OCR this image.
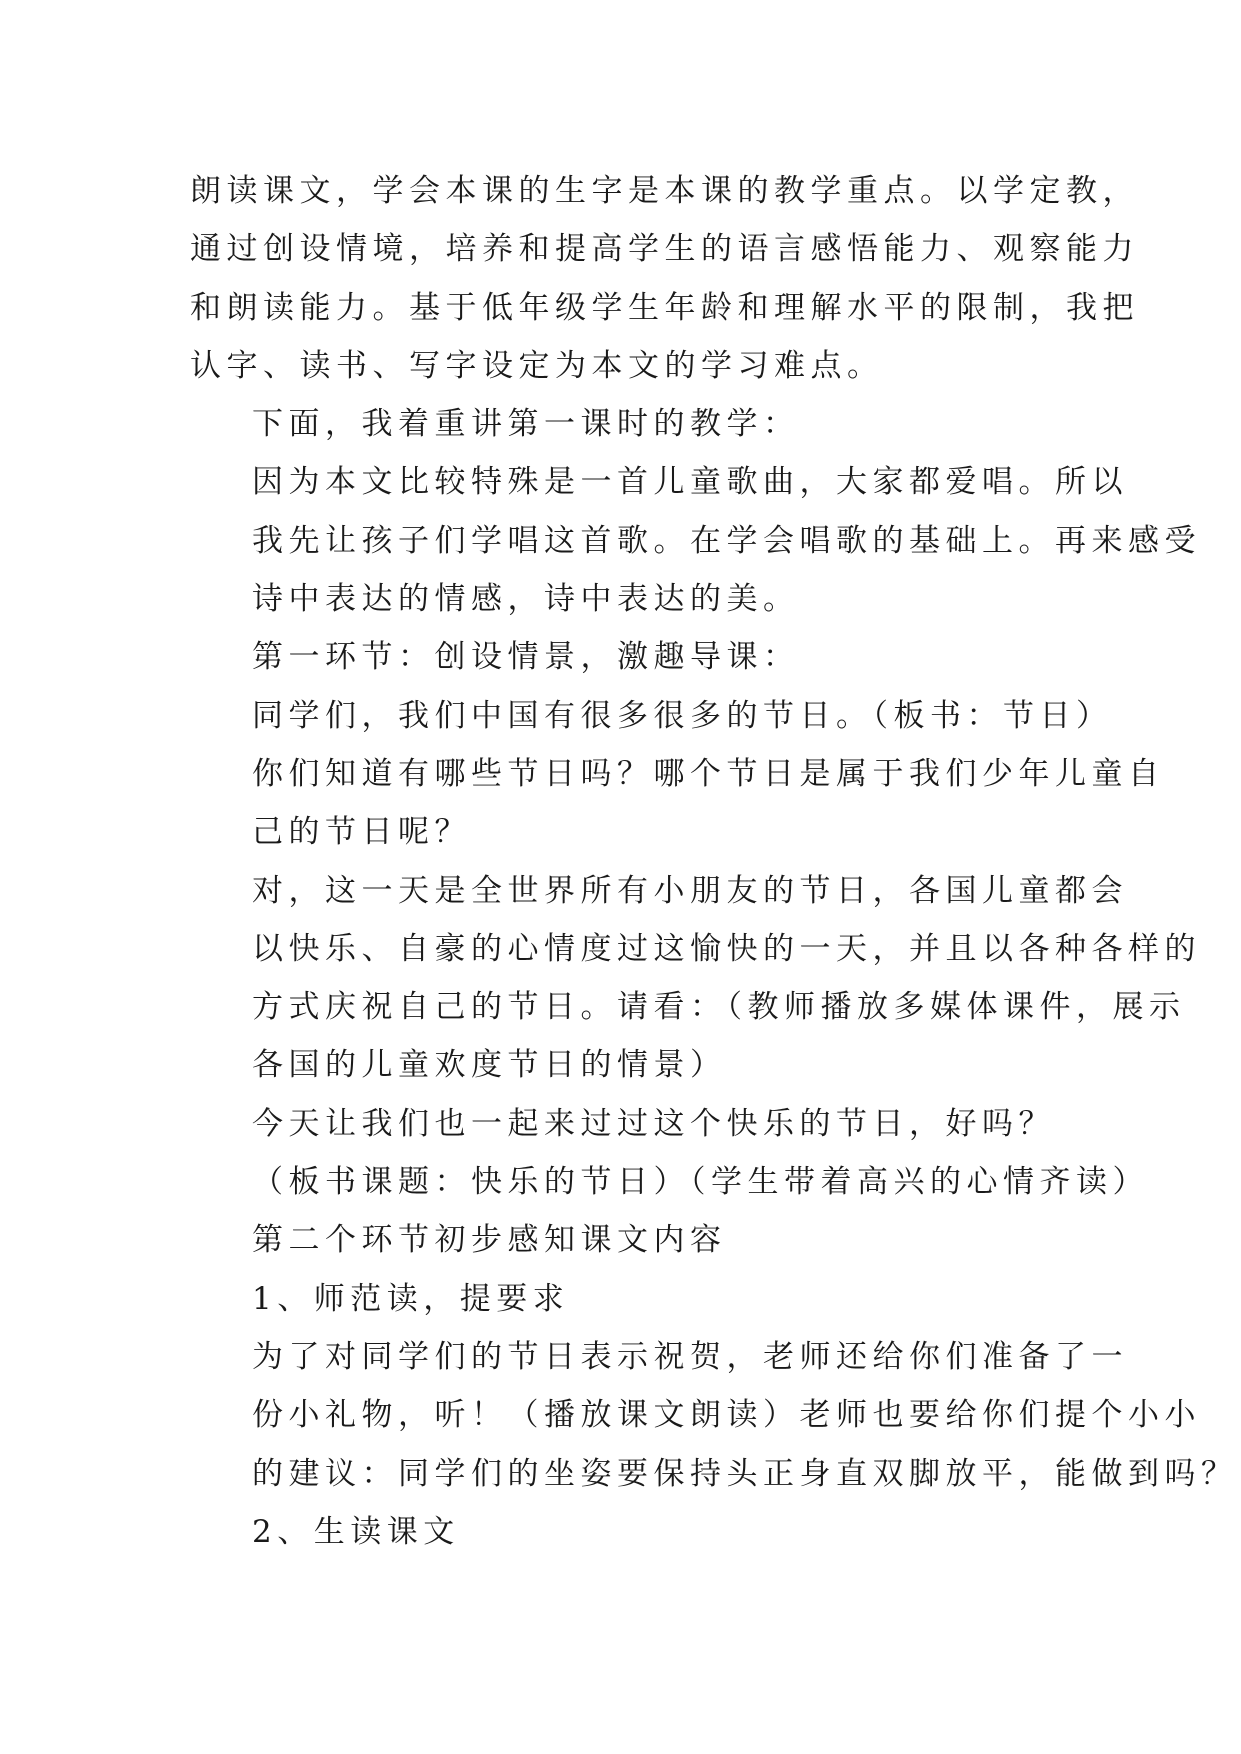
朗读课文，学会本课的生字是本课的教学重点。以学定教，
通过创设情境，培养和提高学生的语言感悟能力、观察能力
和朗读能力。基于低年级学生年龄和理解水平的限制，我把
认字、读书、写字设定为本文的学习难点。
下面，我着重讲第一课时的教学：
因为本文比较特殊是一首儿童歌曲，大家都爱唱。所以
我先让孩子们学唱这首歌。在学会唱歌的基础上。再来感受
诗中表达的情感，诗中表达的美。
第一环节：创设情景，激趣导课：
同学们，我们中国有很多很多的节日。（板书：节日）
你们知道有哪些节日吗？哪个节日是属于我们少年儿童自
己的节日呢？
对，这一天是全世界所有小朋友的节日，各国儿童都会
以快乐、自豪的心情度过这愉快的一天，并且以各种各样的
方式庆祝自己的节日。请看：（教师播放多媒体课件，展示
各国的儿童欢度节日的情景）
今天让我们也一起来过过这个快乐的节日，好吗？
（板书课题：快乐的节日）（学生带着高兴的心情齐读）
第二个环节初步感知课文内容
1、师范读，提要求
为了对同学们的节日表示祝贺，老师还给你们准备了一
份小礼物，听！（播放课文朗读）老师也要给你们提个小小
的建议：同学们的坐姿要保持头正身直双脚放平，能做到吗？
2、生读课文
